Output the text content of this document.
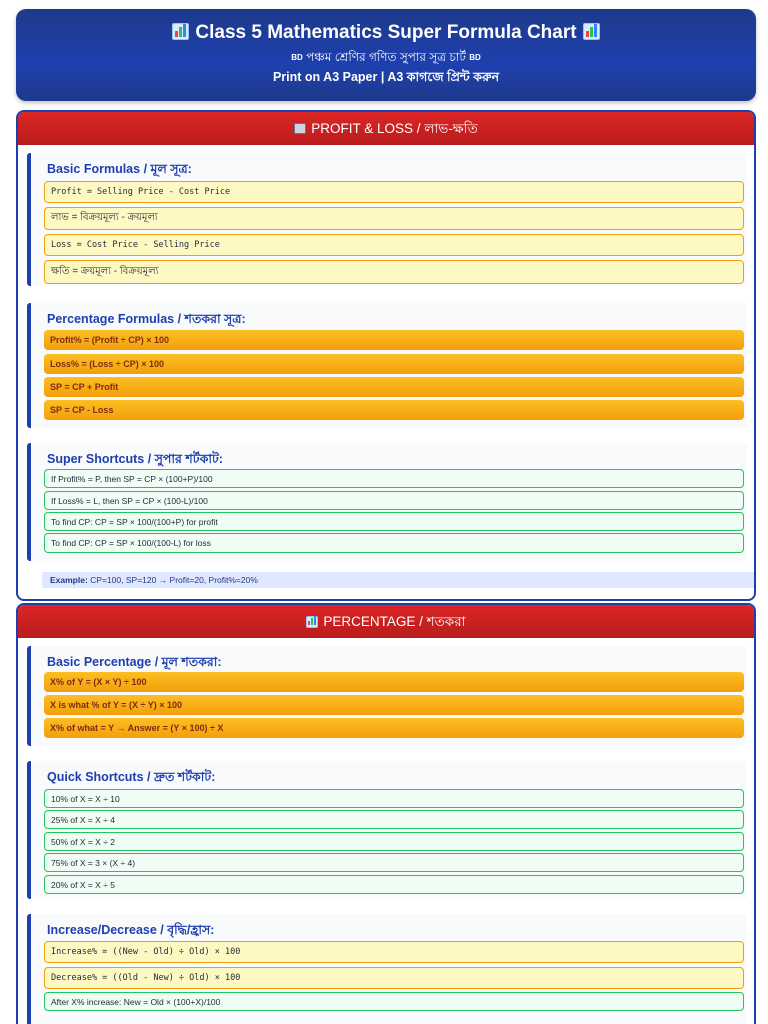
Class 5 Mathematics Super Formula Chart
BD পঞ্চম শ্রেণির গণিত সুপার সূত্র চার্ট BD
Print on A3 Paper | A3 কাগজে প্রিন্ট করুন
PROFIT & LOSS / লাভ-ক্ষতি
Basic Formulas / মূল সূত্র:
Profit = Selling Price - Cost Price
লাভ = বিক্রয়মূল্য - ক্রয়মূল্য
Loss = Cost Price - Selling Price
ক্ষতি = ক্রয়মূল্য - বিক্রয়মূল্য
Percentage Formulas / শতকরা সূত্র:
Profit% = (Profit ÷ CP) × 100
Loss% = (Loss ÷ CP) × 100
SP = CP + Profit
SP = CP - Loss
Super Shortcuts / সুপার শর্টকাট:
If Profit% = P, then SP = CP × (100+P)/100
If Loss% = L, then SP = CP × (100-L)/100
To find CP: CP = SP × 100/(100+P) for profit
To find CP: CP = SP × 100/(100-L) for loss
Example: CP=100, SP=120 → Profit=20, Profit%=20%
PERCENTAGE / শতকরা
Basic Percentage / মূল শতকরা:
X% of Y = (X × Y) ÷ 100
X is what % of Y = (X ÷ Y) × 100
X% of what = Y → Answer = (Y × 100) ÷ X
Quick Shortcuts / দ্রুত শর্টকাট:
10% of X = X ÷ 10
25% of X = X ÷ 4
50% of X = X ÷ 2
75% of X = 3 × (X ÷ 4)
20% of X = X ÷ 5
Increase/Decrease / বৃদ্ধি/হ্রাস:
Increase% = ((New - Old) ÷ Old) × 100
Decrease% = ((Old - New) ÷ Old) × 100
After X% increase: New = Old × (100+X)/100
